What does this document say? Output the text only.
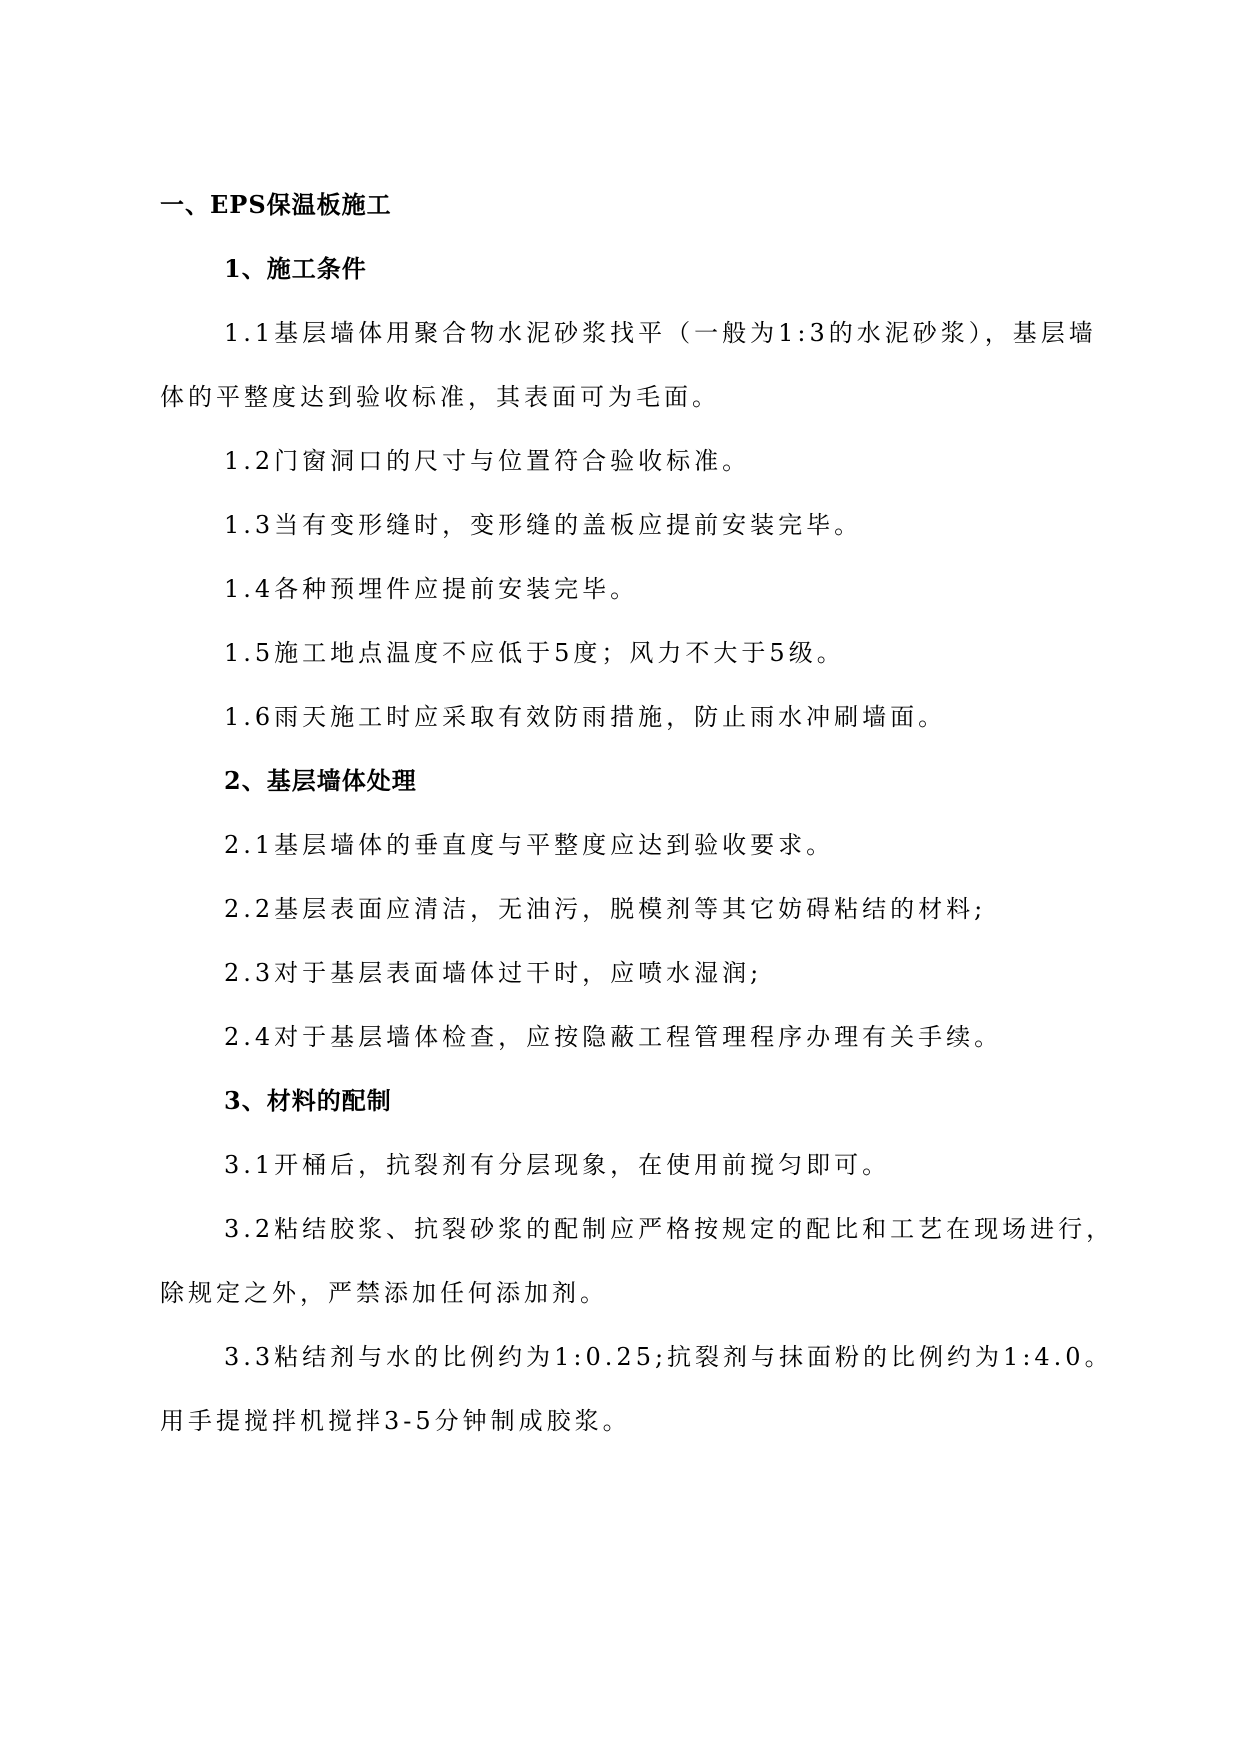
一、EPS保温板施工
1、施工条件
1.1基层墙体用聚合物水泥砂浆找平（一般为1:3的水泥砂浆），基层墙
体的平整度达到验收标准，其表面可为毛面。
1.2门窗洞口的尺寸与位置符合验收标准。
1.3当有变形缝时，变形缝的盖板应提前安装完毕。
1.4各种预埋件应提前安装完毕。
1.5施工地点温度不应低于5度；风力不大于5级。
1.6雨天施工时应采取有效防雨措施，防止雨水冲刷墙面。
2、基层墙体处理
2.1基层墙体的垂直度与平整度应达到验收要求。
2.2基层表面应清洁，无油污，脱模剂等其它妨碍粘结的材料;
2.3对于基层表面墙体过干时，应喷水湿润;
2.4对于基层墙体检查，应按隐蔽工程管理程序办理有关手续。
3、材料的配制
3.1开桶后，抗裂剂有分层现象，在使用前搅匀即可。
3.2粘结胶浆、抗裂砂浆的配制应严格按规定的配比和工艺在现场进行，
除规定之外，严禁添加任何添加剂。
3.3粘结剂与水的比例约为1:0.25;抗裂剂与抹面粉的比例约为1:4.0。
用手提搅拌机搅拌3-5分钟制成胶浆。
